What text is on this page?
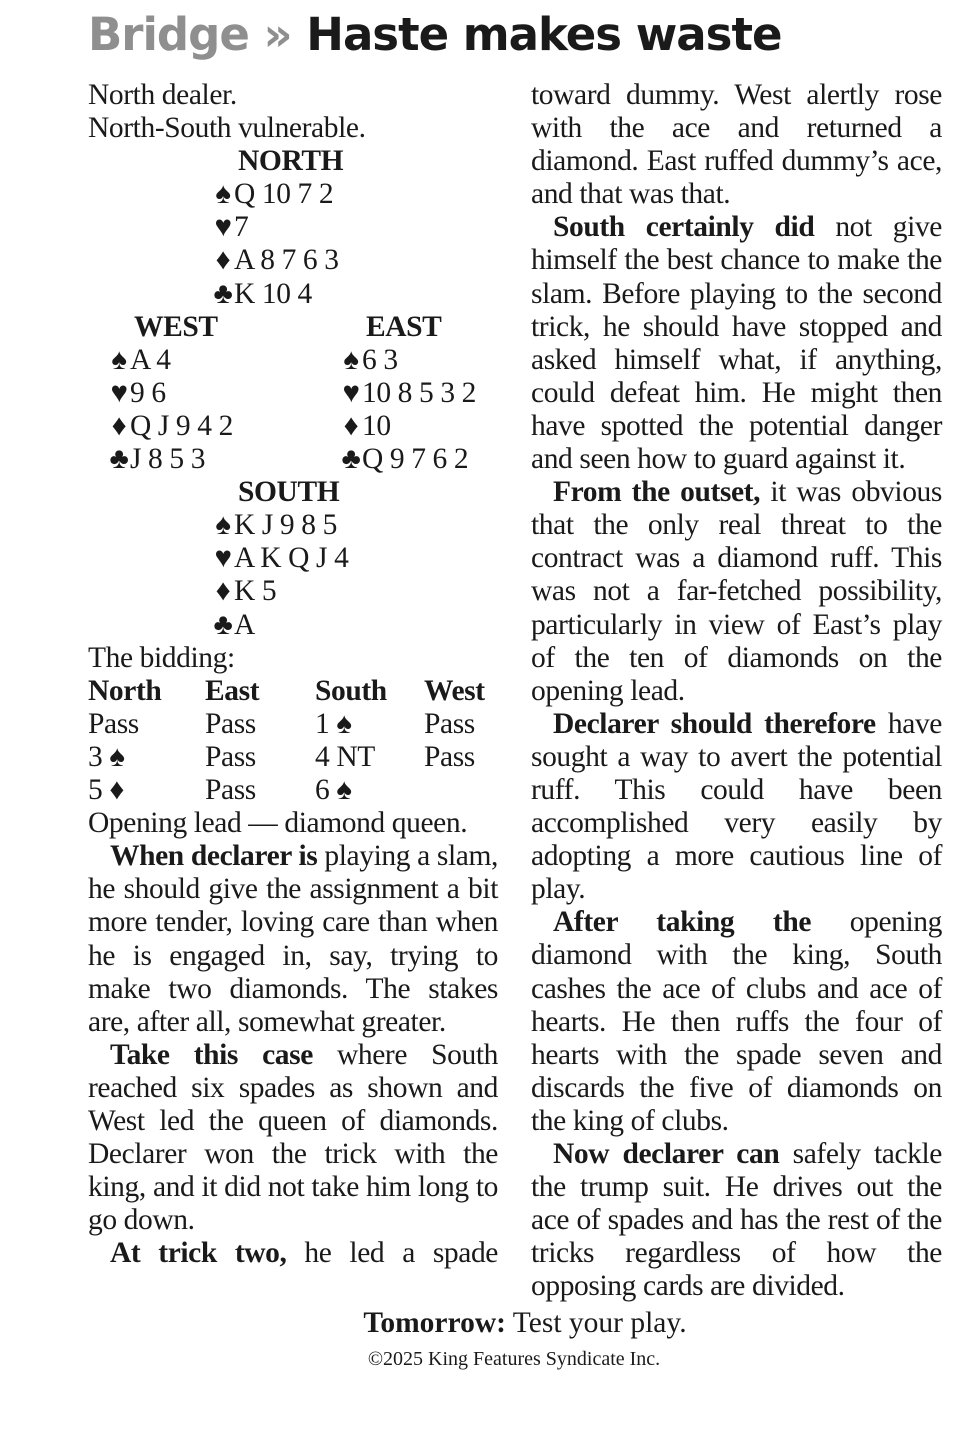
Bridge » Haste makes waste
North dealer.
North-South vulnerable.
NORTH
♠ Q 10 7 2
♥7
♦ A 8 7 6 3
♣K 10 4
WEST
♠ A 4
♥9 6
♦ Q J 9 4 2
♣J 8 5 3
EAST
♠ 6 3
♥10 8 5 3 2
♦ 10
♣Q 9 7 6 2
SOUTH
♠ K J 9 8 5
♥A K Q J 4
♦ K 5
♣A
The bidding:
North	East	South	West
Pass	Pass	1 ♠	Pass
3 ♠	Pass	4 NT	Pass
5 ♦	Pass	6 ♠	
Opening lead — diamond queen.

When declarer is playing a slam, he should give the assignment a bit more tender, loving care than when he is engaged in, say, trying to make two diamonds. The stakes are, after all, somewhat greater.

Take this case where South reached six spades as shown and West led the queen of diamonds. Declarer won the trick with the king, and it did not take him long to go down.

At trick two, he led a spade

toward dummy. West alertly rose with the ace and returned a diamond. East ruffed dummy’s ace, and that was that.

South certainly did not give himself the best chance to make the slam. Before playing to the second trick, he should have stopped and asked himself what, if anything, could defeat him. He might then have spotted the potential danger and seen how to guard against it.

From the outset, it was obvious that the only real threat to the contract was a diamond ruff. This was not a far-fetched possibility, particularly in view of East’s play of the ten of diamonds on the opening lead.

Declarer should therefore have sought a way to avert the potential ruff. This could have been accomplished very easily by adopting a more cautious line of play.

After taking the opening diamond with the king, South cashes the ace of clubs and ace of hearts. He then ruffs the four of hearts with the spade seven and discards the five of diamonds on the king of clubs.

Now declarer can safely tackle the trump suit. He drives out the ace of spades and has the rest of the tricks regardless of how the opposing cards are divided.

Tomorrow: Test your play.
©2025 King Features Syndicate Inc.
